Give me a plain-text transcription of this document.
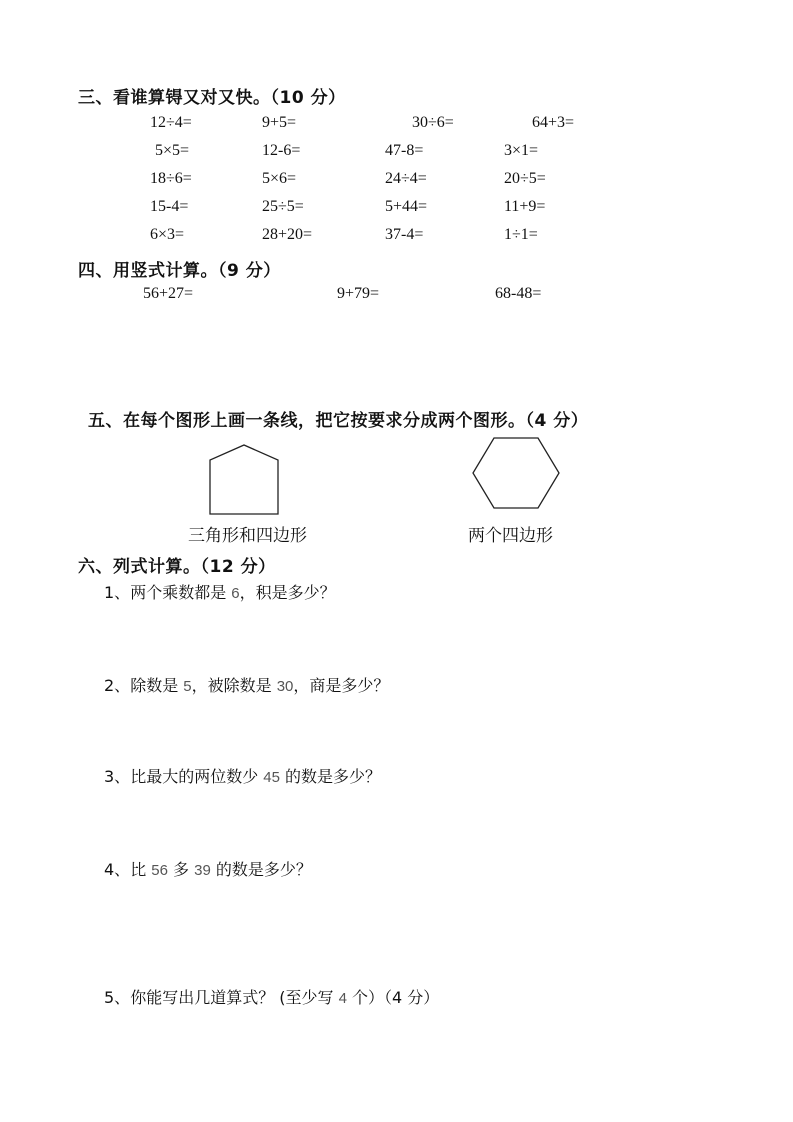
三、看谁算锝又对又快。（10 分）
12÷4=	9+5=	30÷6=	64+3=
5×5=	12-6=	47-8=	3×1=
18÷6=	5×6=	24÷4=	20÷5=
15-4=	25÷5=	5+44=	11+9=
6×3=	28+20=	37-4=	1÷1=
四、用竖式计算。（9 分）
56+27=	9+79=	68-48=
五、在每个图形上画一条线，把它按要求分成两个图形。（4 分）
三角形和四边形	两个四边形
六、列式计算。（12 分）
1、两个乘数都是 6，积是多少？
2、除数是 5，被除数是 30，商是多少？
3、比最大的两位数少 45 的数是多少？
4、比 56 多 39 的数是多少？
5、你能写出几道算式？ (至少写 4 个）（4 分）
